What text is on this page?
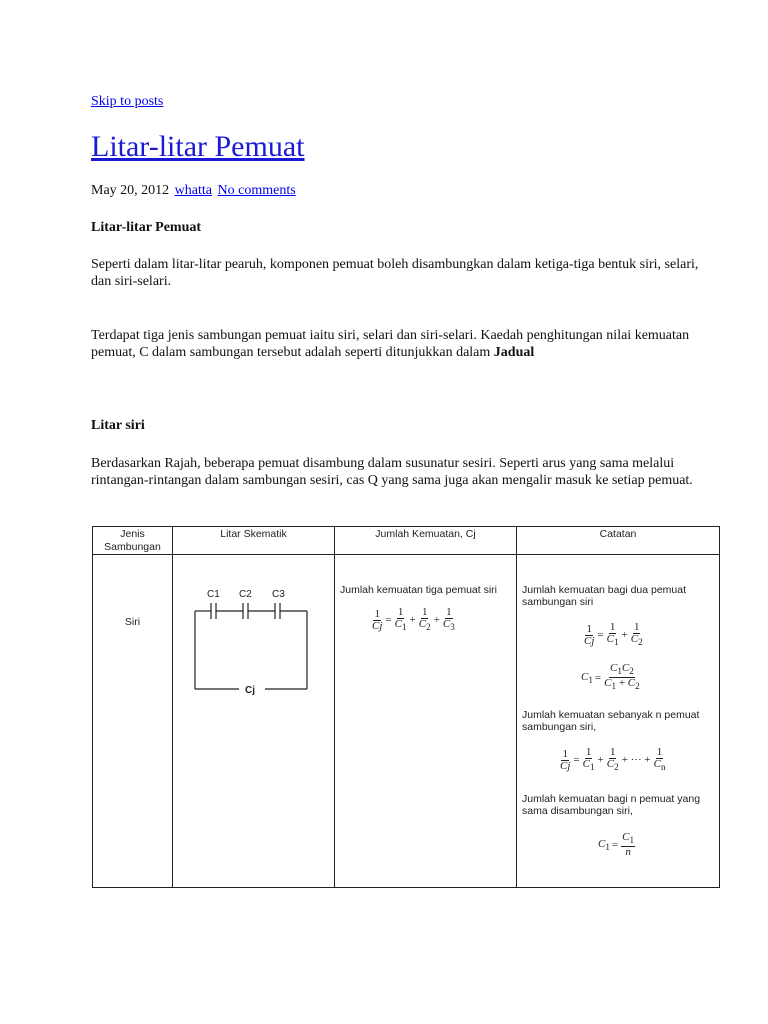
Skip to posts
Litar-litar Pemuat
May 20, 2012 whatta No comments
Litar-litar Pemuat
Seperti dalam litar-litar pearuh, komponen pemuat boleh disambungkan dalam ketiga-tiga bentuk siri, selari, dan siri-selari.
Terdapat tiga jenis sambungan pemuat iaitu siri, selari dan siri-selari. Kaedah penghitungan nilai kemuatan pemuat, C dalam sambungan tersebut adalah seperti ditunjukkan dalam Jadual
Litar siri
Berdasarkan Rajah, beberapa pemuat disambung dalam susunatur sesiri. Seperti arus yang sama melalui rintangan-rintangan dalam sambungan sesiri, cas Q yang sama juga akan mengalir masuk ke setiap pemuat.
Jenis Sambungan
Litar Skematik	Jumlah Kemuatan, Cj	Catatan
Siri
C1 C2 C3
Cj
Jumlah kemuatan tiga pemuat siri
$\frac{1}{Cj} = \frac{1}{C_1} + \frac{1}{C_2} + \frac{1}{C_3}$
Jumlah kemuatan bagi dua pemuat sambungan siri
$\frac{1}{Cj} = \frac{1}{C_1} + \frac{1}{C_2}$
$C_1 = \frac{C_1C_2}{C_1 + C_2}$
Jumlah kemuatan sebanyak n pemuat sambungan siri,
$\frac{1}{Cj} = \frac{1}{C_1} + \frac{1}{C_2}$ + ··· + $\frac{1}{C_n}$
Jumlah kemuatan bagi n pemuat yang sama disambungan siri,
$C_1 = \frac{C_1}{n}$
